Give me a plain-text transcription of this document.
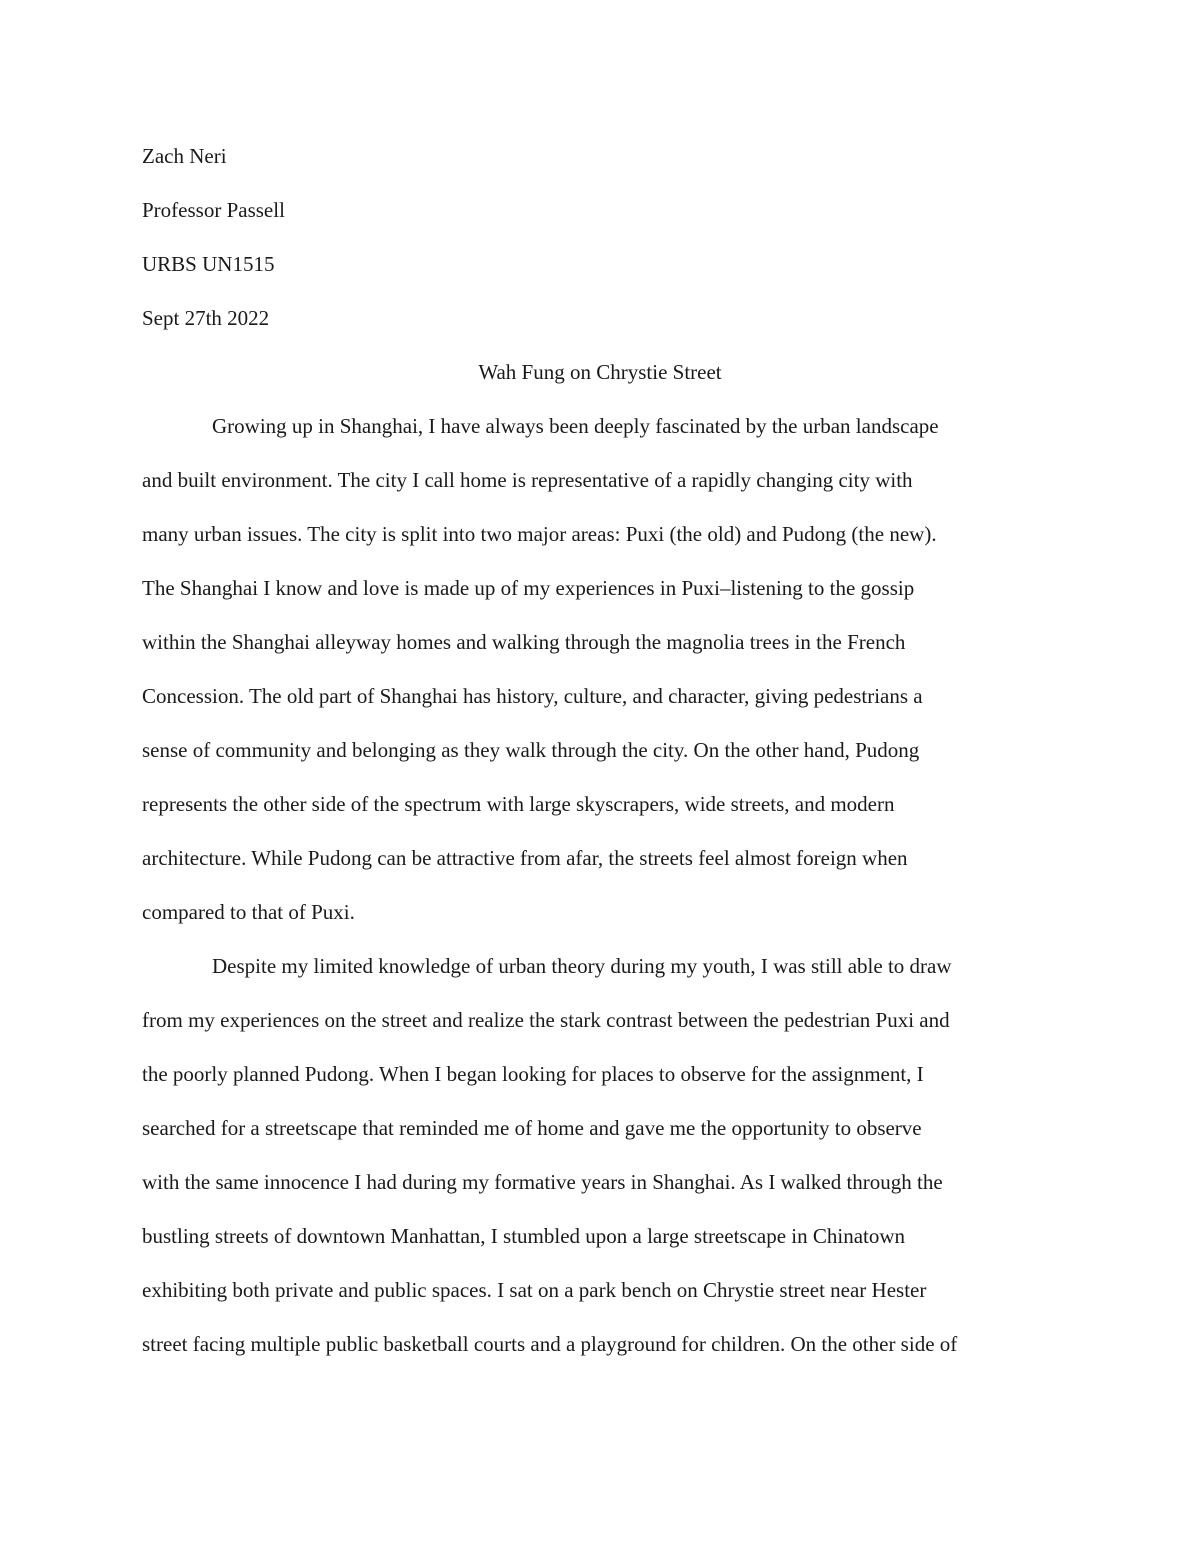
Zach Neri
Professor Passell
URBS UN1515
Sept 27th 2022
Wah Fung on Chrystie Street
Growing up in Shanghai, I have always been deeply fascinated by the urban landscape
and built environment. The city I call home is representative of a rapidly changing city with
many urban issues. The city is split into two major areas: Puxi (the old) and Pudong (the new).
The Shanghai I know and love is made up of my experiences in Puxi–listening to the gossip
within the Shanghai alleyway homes and walking through the magnolia trees in the French
Concession. The old part of Shanghai has history, culture, and character, giving pedestrians a
sense of community and belonging as they walk through the city. On the other hand, Pudong
represents the other side of the spectrum with large skyscrapers, wide streets, and modern
architecture. While Pudong can be attractive from afar, the streets feel almost foreign when
compared to that of Puxi.
Despite my limited knowledge of urban theory during my youth, I was still able to draw
from my experiences on the street and realize the stark contrast between the pedestrian Puxi and
the poorly planned Pudong. When I began looking for places to observe for the assignment, I
searched for a streetscape that reminded me of home and gave me the opportunity to observe
with the same innocence I had during my formative years in Shanghai. As I walked through the
bustling streets of downtown Manhattan, I stumbled upon a large streetscape in Chinatown
exhibiting both private and public spaces. I sat on a park bench on Chrystie street near Hester
street facing multiple public basketball courts and a playground for children. On the other side of
